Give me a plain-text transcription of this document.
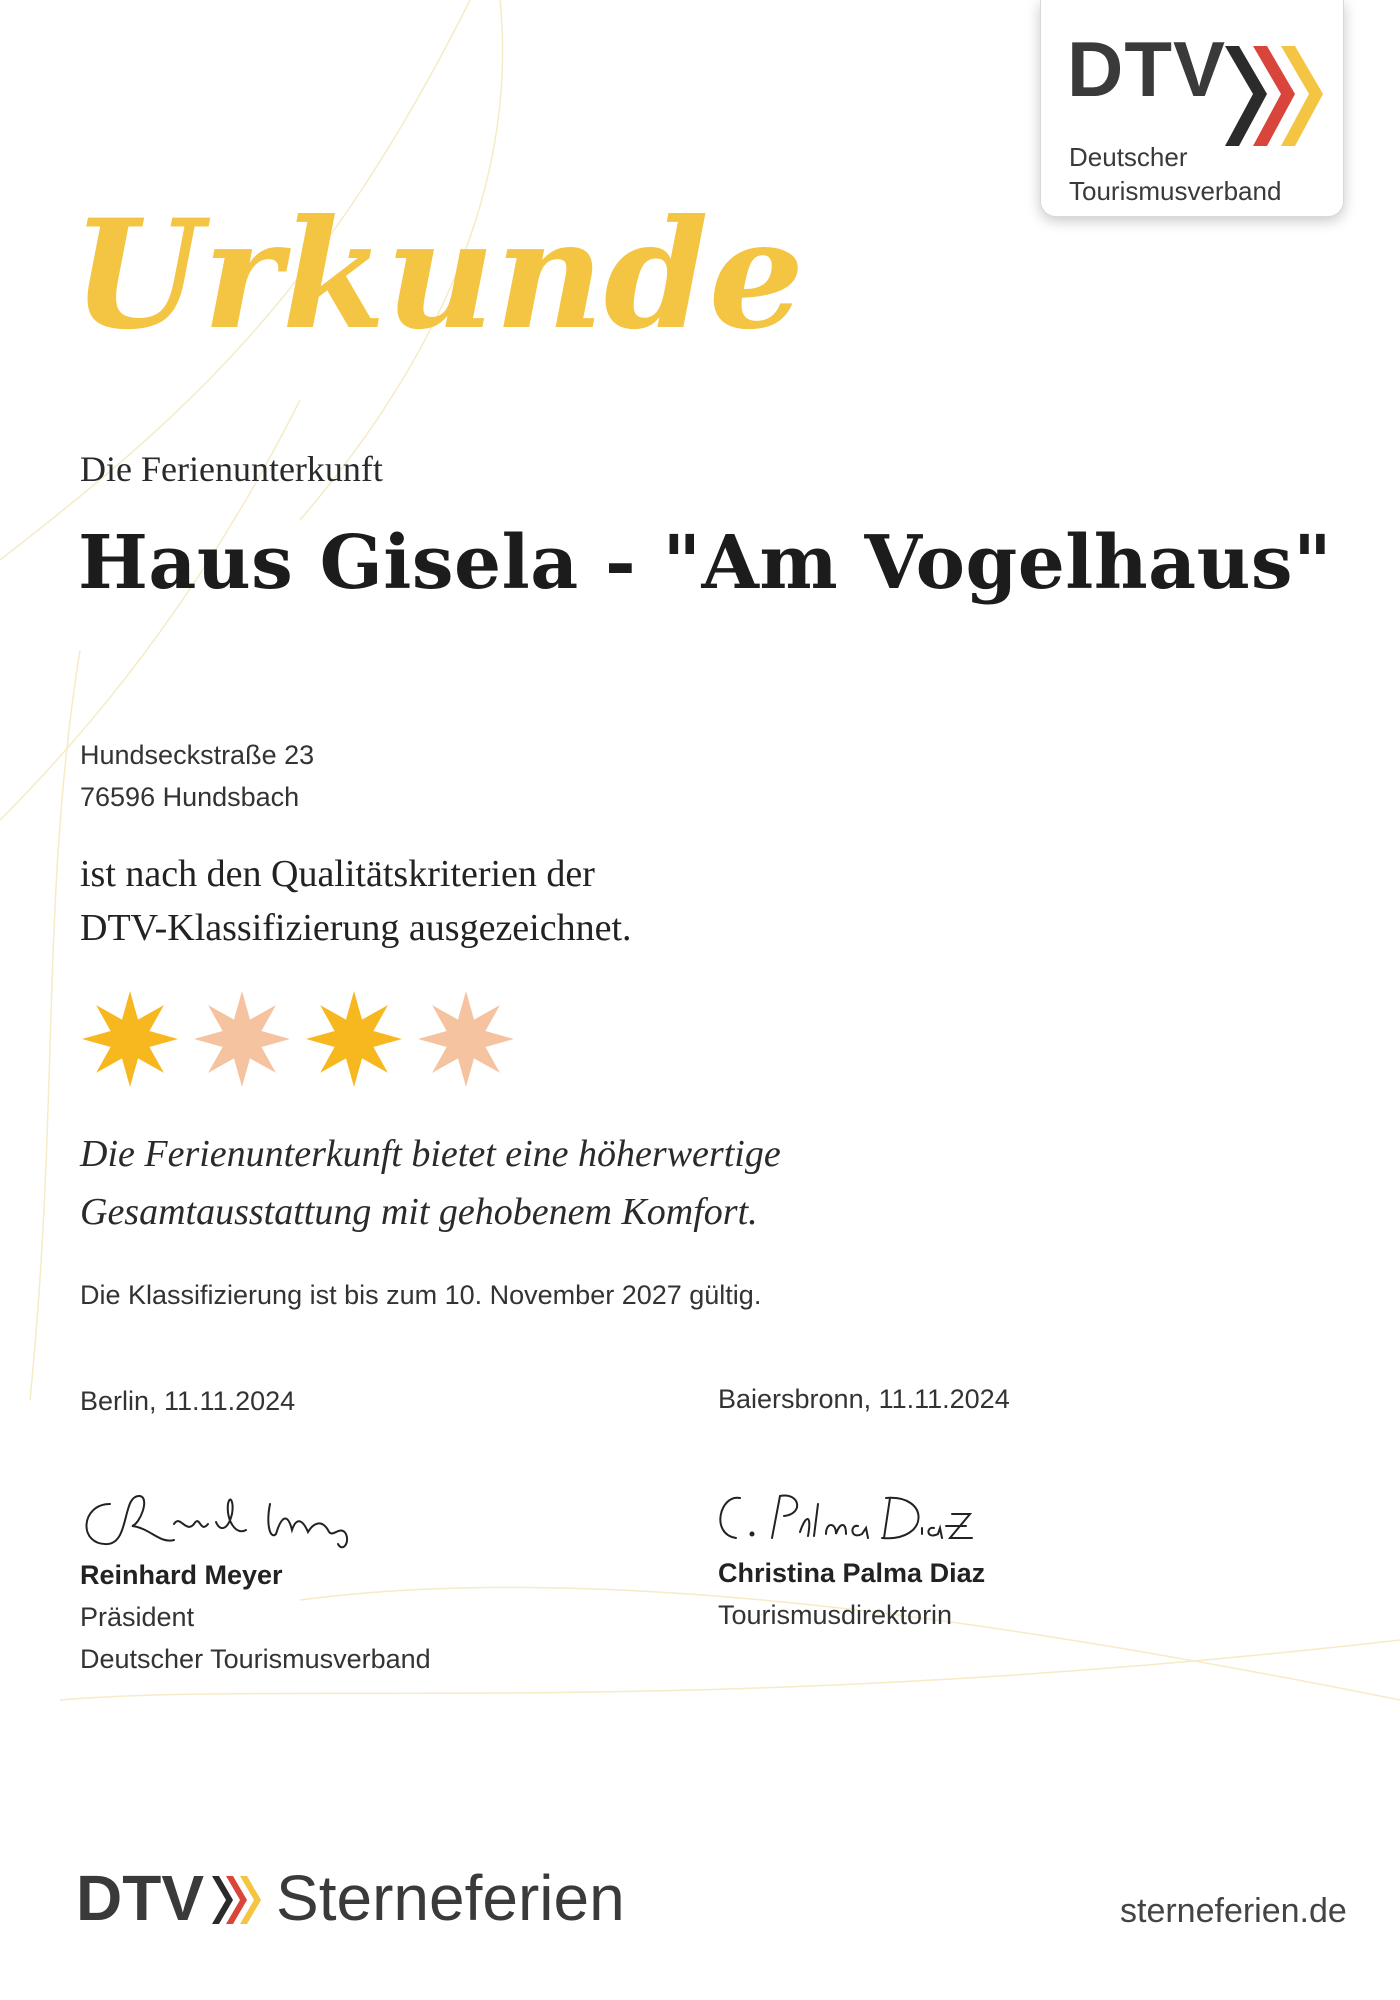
DTV
Deutscher
Tourismusverband
Urkunde
Die Ferienunterkunft
Haus Gisela - "Am Vogelhaus"
Hundseckstraße 23
76596 Hundsbach
ist nach den Qualitätskriterien der
DTV-Klassifizierung ausgezeichnet.
Die Ferienunterkunft bietet eine höherwertige
Gesamtausstattung mit gehobenem Komfort.
Die Klassifizierung ist bis zum 10. November 2027 gültig.
Berlin, 11.11.2024	Baiersbronn, 11.11.2024
Reinhard Meyer
Präsident
Deutscher Tourismusverband
Christina Palma Diaz
Tourismusdirektorin
DTV Sterneferien	sterneferien.de
